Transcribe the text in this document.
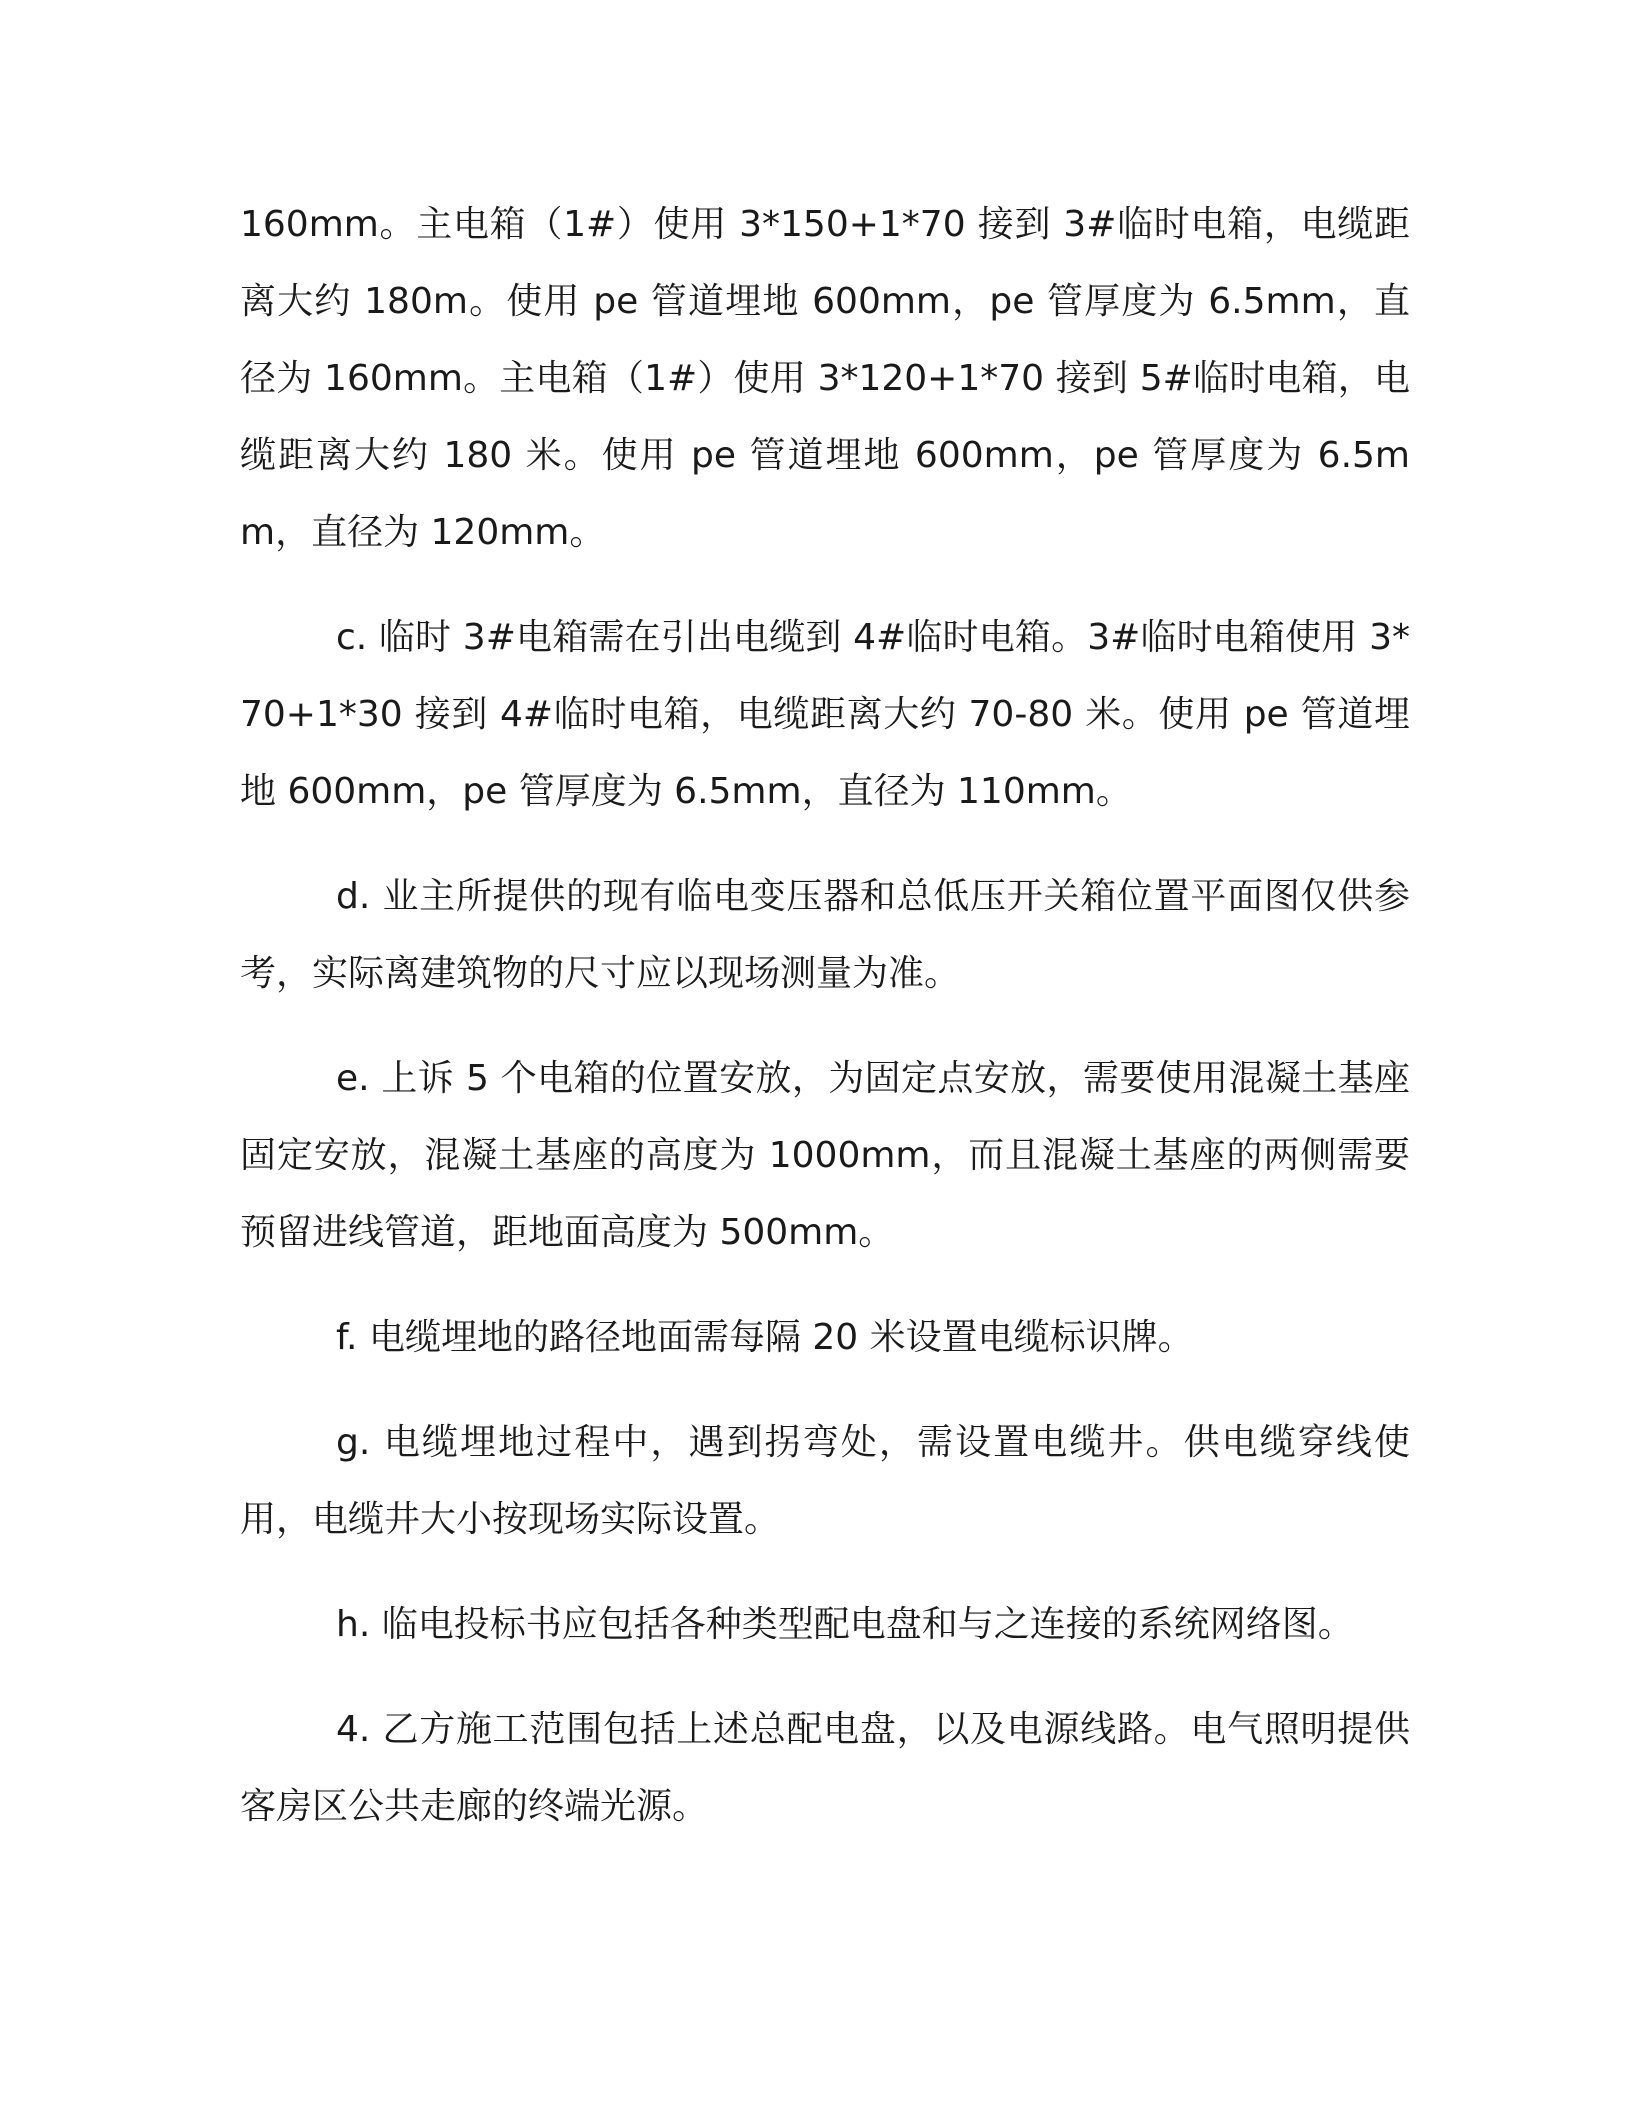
160mm。主电箱（1#）使用 3*150+1*70 接到 3#临时电箱，电缆距离大约 180m。使用 pe 管道埋地 600mm，pe 管厚度为 6.5mm，直径为 160mm。主电箱（1#）使用 3*120+1*70 接到 5#临时电箱，电缆距离大约 180 米。使用 pe 管道埋地 600mm，pe 管厚度为 6.5mm，直径为 120mm。

c. 临时 3#电箱需在引出电缆到 4#临时电箱。3#临时电箱使用 3*70+1*30 接到 4#临时电箱，电缆距离大约 70-80 米。使用 pe 管道埋地 600mm，pe 管厚度为 6.5mm，直径为 110mm。

d. 业主所提供的现有临电变压器和总低压开关箱位置平面图仅供参考，实际离建筑物的尺寸应以现场测量为准。

e. 上诉 5 个电箱的位置安放，为固定点安放，需要使用混凝土基座固定安放，混凝土基座的高度为 1000mm，而且混凝土基座的两侧需要预留进线管道，距地面高度为 500mm。

f. 电缆埋地的路径地面需每隔 20 米设置电缆标识牌。

g. 电缆埋地过程中，遇到拐弯处，需设置电缆井。供电缆穿线使用，电缆井大小按现场实际设置。

h. 临电投标书应包括各种类型配电盘和与之连接的系统网络图。

4. 乙方施工范围包括上述总配电盘，以及电源线路。电气照明提供客房区公共走廊的终端光源。
